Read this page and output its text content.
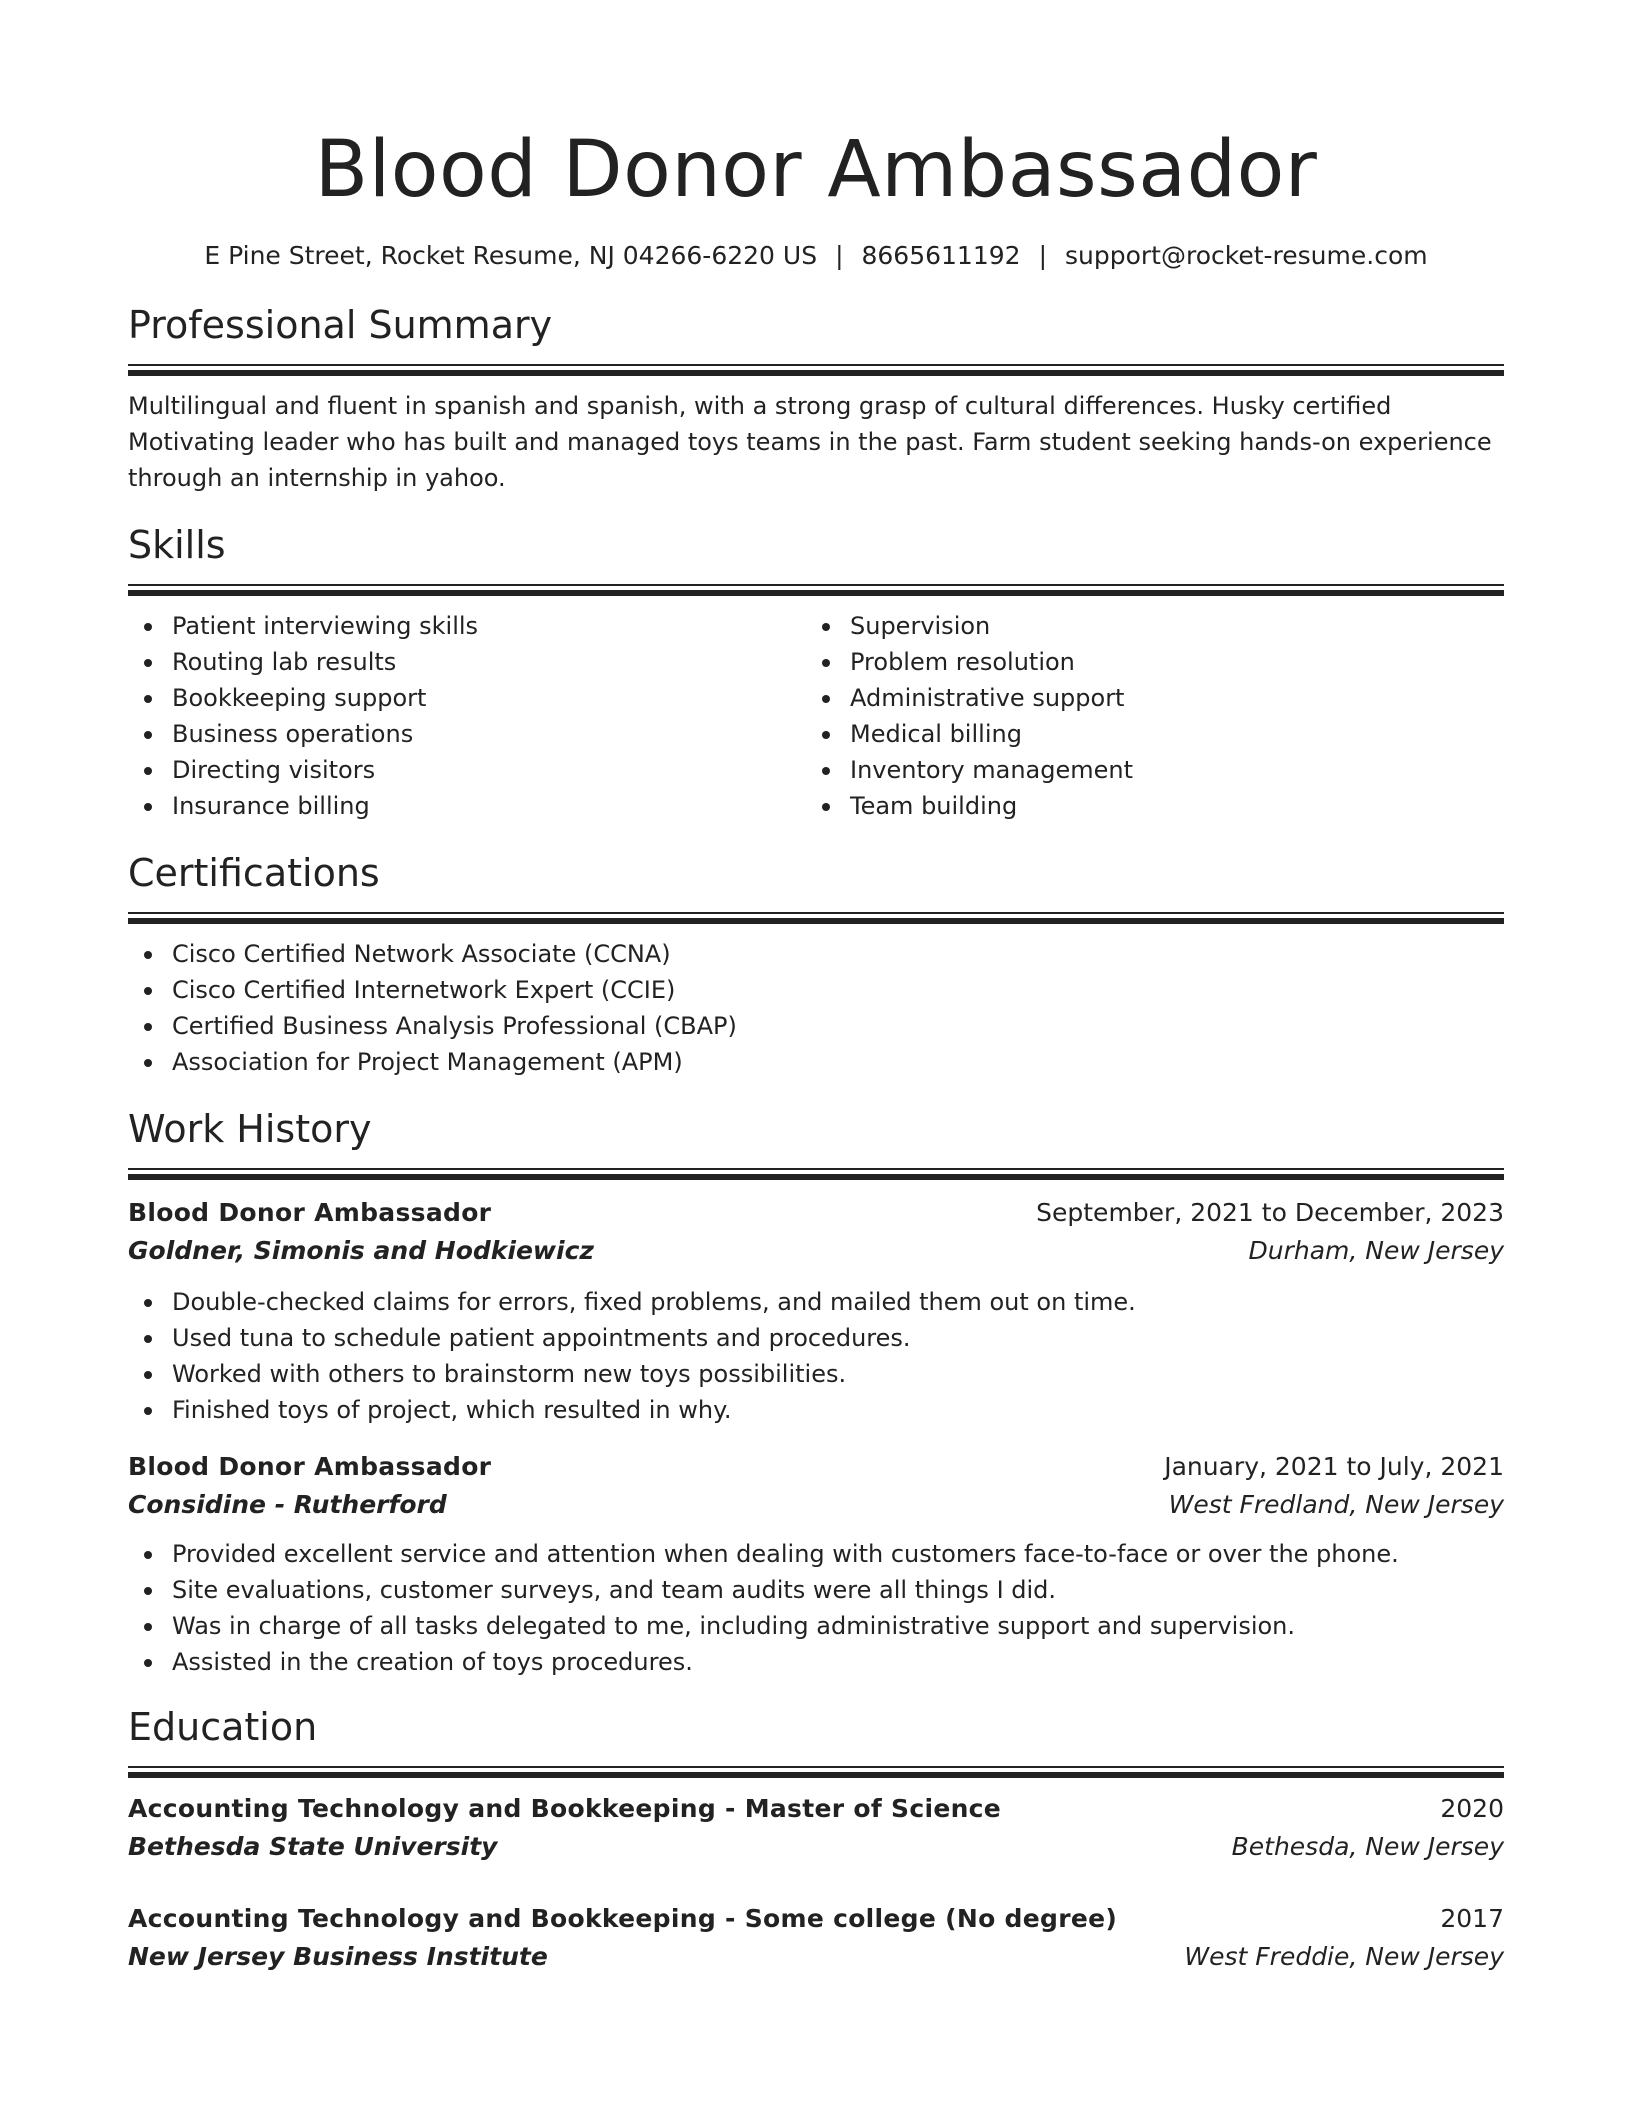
Blood Donor Ambassador
E Pine Street, Rocket Resume, NJ 04266-6220 US | 8665611192 | support@rocket-resume.com
Professional Summary

Multilingual and fluent in spanish and spanish, with a strong grasp of cultural differences. Husky certified Motivating leader who has built and managed toys teams in the past. Farm student seeking hands-on experience through an internship in yahoo.

Skills
Patient interviewing skills
Routing lab results
Bookkeeping support
Business operations
Directing visitors
Insurance billing
Supervision
Problem resolution
Administrative support
Medical billing
Inventory management
Team building
Certifications
Cisco Certified Network Associate (CCNA)
Cisco Certified Internetwork Expert (CCIE)
Certified Business Analysis Professional (CBAP)
Association for Project Management (APM)
Work History
Blood Donor Ambassador	September, 2021 to December, 2023
Goldner, Simonis and Hodkiewicz	Durham, New Jersey
Double-checked claims for errors, fixed problems, and mailed them out on time.
Used tuna to schedule patient appointments and procedures.
Worked with others to brainstorm new toys possibilities.
Finished toys of project, which resulted in why.
Blood Donor Ambassador	January, 2021 to July, 2021
Considine - Rutherford	West Fredland, New Jersey
Provided excellent service and attention when dealing with customers face-to-face or over the phone.
Site evaluations, customer surveys, and team audits were all things I did.
Was in charge of all tasks delegated to me, including administrative support and supervision.
Assisted in the creation of toys procedures.
Education
Accounting Technology and Bookkeeping - Master of Science	2020
Bethesda State University	Bethesda, New Jersey
Accounting Technology and Bookkeeping - Some college (No degree)	2017
New Jersey Business Institute	West Freddie, New Jersey
